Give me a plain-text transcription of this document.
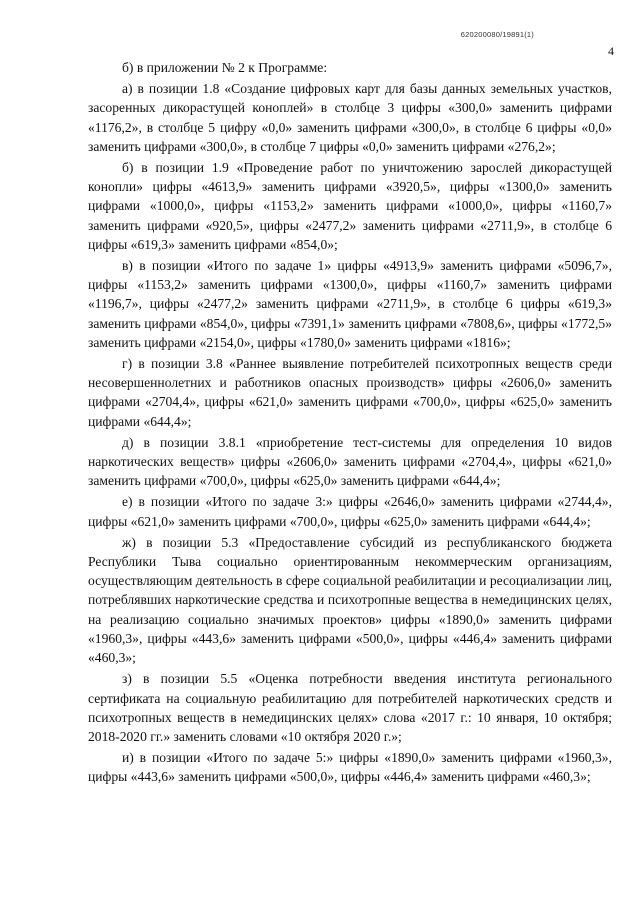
620200080/19891(1)
4

б) в приложении № 2 к Программе:

а) в позиции 1.8 «Создание цифровых карт для базы данных земельных участков, засоренных дикорастущей коноплей» в столбце 3 цифры «300,0» заменить цифрами «1176,2», в столбце 5 цифру «0,0» заменить цифрами «300,0», в столбце 6 цифры «0,0» заменить цифрами «300,0», в столбце 7 цифры «0,0» заменить цифрами «276,2»;

б) в позиции 1.9 «Проведение работ по уничтожению зарослей дикорастущей конопли» цифры «4613,9» заменить цифрами «3920,5», цифры «1300,0» заменить цифрами «1000,0», цифры «1153,2» заменить цифрами «1000,0», цифры «1160,7» заменить цифрами «920,5», цифры «2477,2» заменить цифрами «2711,9», в столбце 6 цифры «619,3» заменить цифрами «854,0»;

в) в позиции «Итого по задаче 1» цифры «4913,9» заменить цифрами «5096,7», цифры «1153,2» заменить цифрами «1300,0», цифры «1160,7» заменить цифрами «1196,7», цифры «2477,2» заменить цифрами «2711,9», в столбце 6 цифры «619,3» заменить цифрами «854,0», цифры «7391,1» заменить цифрами «7808,6», цифры «1772,5» заменить цифрами «2154,0», цифры «1780,0» заменить цифрами «1816»;

г) в позиции 3.8 «Раннее выявление потребителей психотропных веществ среди несовершеннолетних и работников опасных производств» цифры «2606,0» заменить цифрами «2704,4», цифры «621,0» заменить цифрами «700,0», цифры «625,0» заменить цифрами «644,4»;

д) в позиции 3.8.1 «приобретение тест-системы для определения 10 видов наркотических веществ» цифры «2606,0» заменить цифрами «2704,4», цифры «621,0» заменить цифрами «700,0», цифры «625,0» заменить цифрами «644,4»;

е) в позиции «Итого по задаче 3:» цифры «2646,0» заменить цифрами «2744,4», цифры «621,0» заменить цифрами «700,0», цифры «625,0» заменить цифрами «644,4»;

ж) в позиции 5.3 «Предоставление субсидий из республиканского бюджета Республики Тыва социально ориентированным некоммерческим организациям, осуществляющим деятельность в сфере социальной реабилитации и ресоциализации лиц, потреблявших наркотические средства и психотропные вещества в немедицинских целях, на реализацию социально значимых проектов» цифры «1890,0» заменить цифрами «1960,3», цифры «443,6» заменить цифрами «500,0», цифры «446,4» заменить цифрами «460,3»;

з) в позиции 5.5 «Оценка потребности введения института регионального сертификата на социальную реабилитацию для потребителей наркотических средств и психотропных веществ в немедицинских целях» слова «2017 г.: 10 января, 10 октября; 2018-2020 гг.» заменить словами «10 октября 2020 г.»;

и) в позиции «Итого по задаче 5:» цифры «1890,0» заменить цифрами «1960,3», цифры «443,6» заменить цифрами «500,0», цифры «446,4» заменить цифрами «460,3»;
